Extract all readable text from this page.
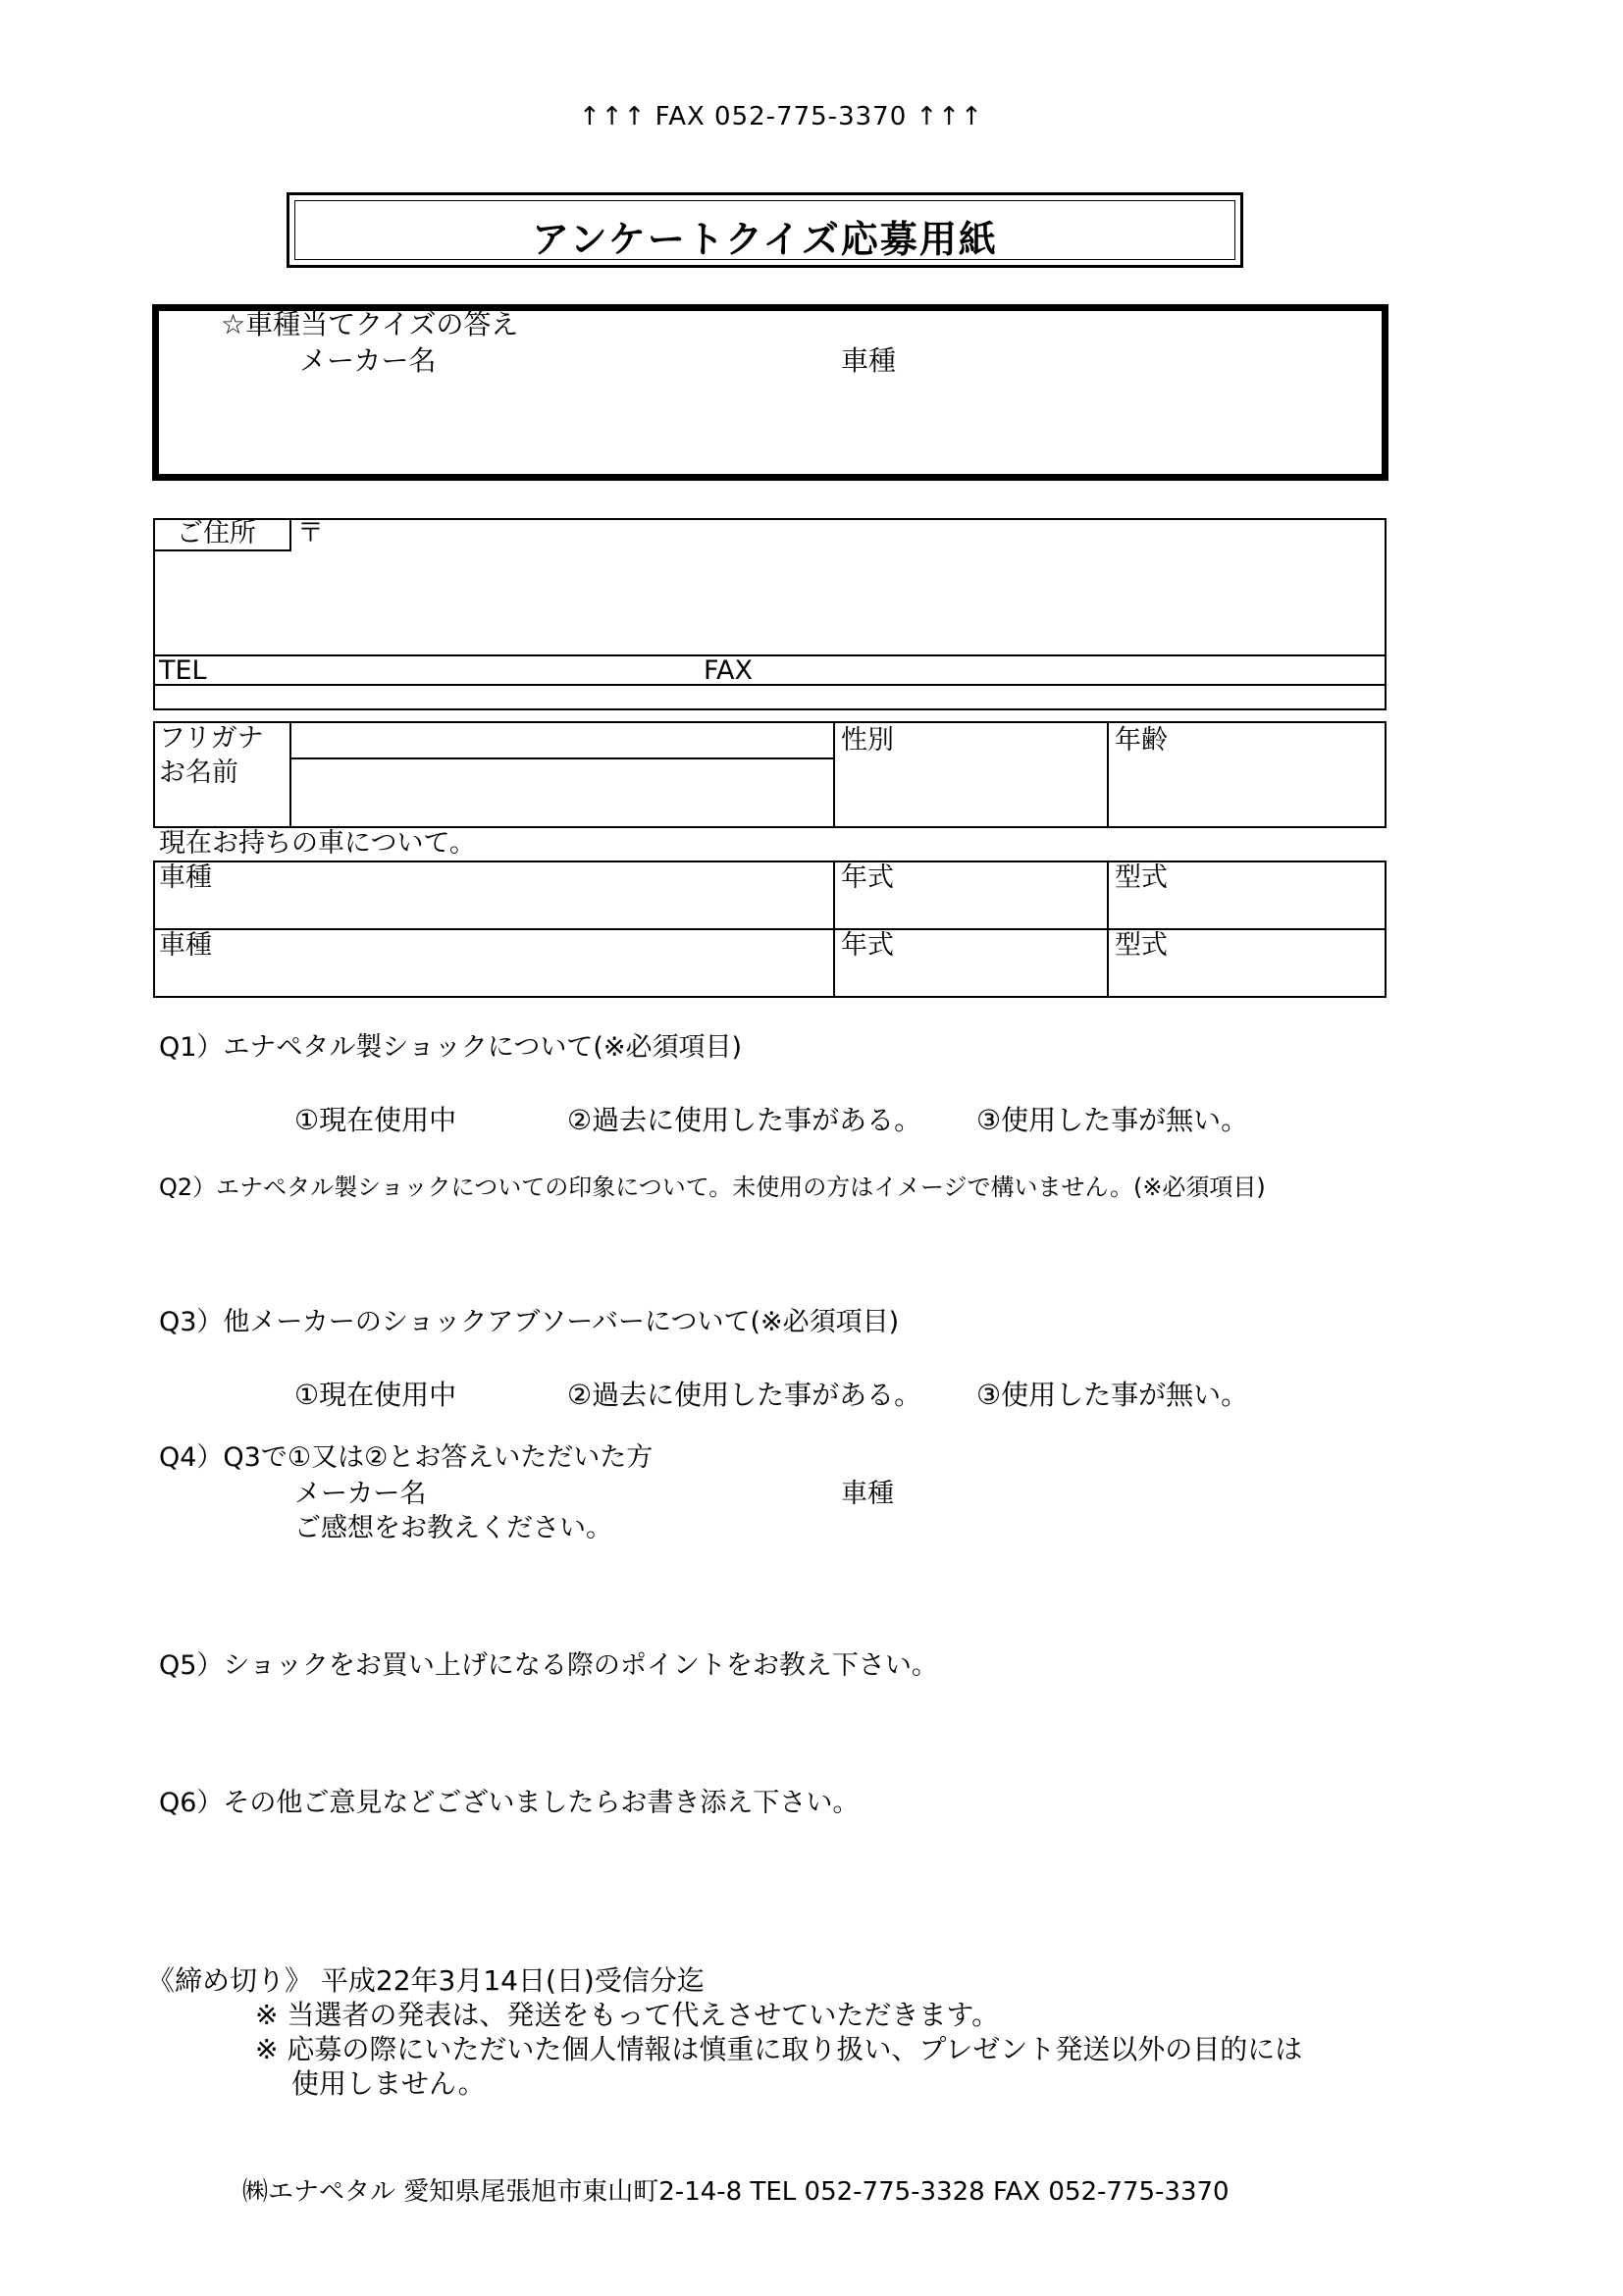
↑↑↑ FAX 052-775-3370 ↑↑↑
アンケートクイズ応募用紙
☆車種当てクイズの答え
メーカー名	車種
ご住所 〒
TEL	FAX
フリガナ
お名前
性別	年齢
現在お持ちの車について。
車種	年式	型式
車種	年式	型式
Q1）エナペタル製ショックについて(※必須項目)
①現在使用中	②過去に使用した事がある。 ③使用した事が無い。
Q2）エナペタル製ショックについての印象について。未使用の方はイメージで構いません。(※必須項目)
Q3）他メーカーのショックアブソーバーについて(※必須項目)
①現在使用中	②過去に使用した事がある。 ③使用した事が無い。
Q4）Q3で①又は②とお答えいただいた方
メーカー名	車種
ご感想をお教えください。
Q5）ショックをお買い上げになる際のポイントをお教え下さい。
Q6）その他ご意見などございましたらお書き添え下さい。
《締め切り》 平成22年3月14日(日)受信分迄
※ 当選者の発表は、発送をもって代えさせていただきます。
※ 応募の際にいただいた個人情報は慎重に取り扱い、プレゼント発送以外の目的には
使用しません。
㈱エナペタル 愛知県尾張旭市東山町2-14-8 TEL 052-775-3328 FAX 052-775-3370
